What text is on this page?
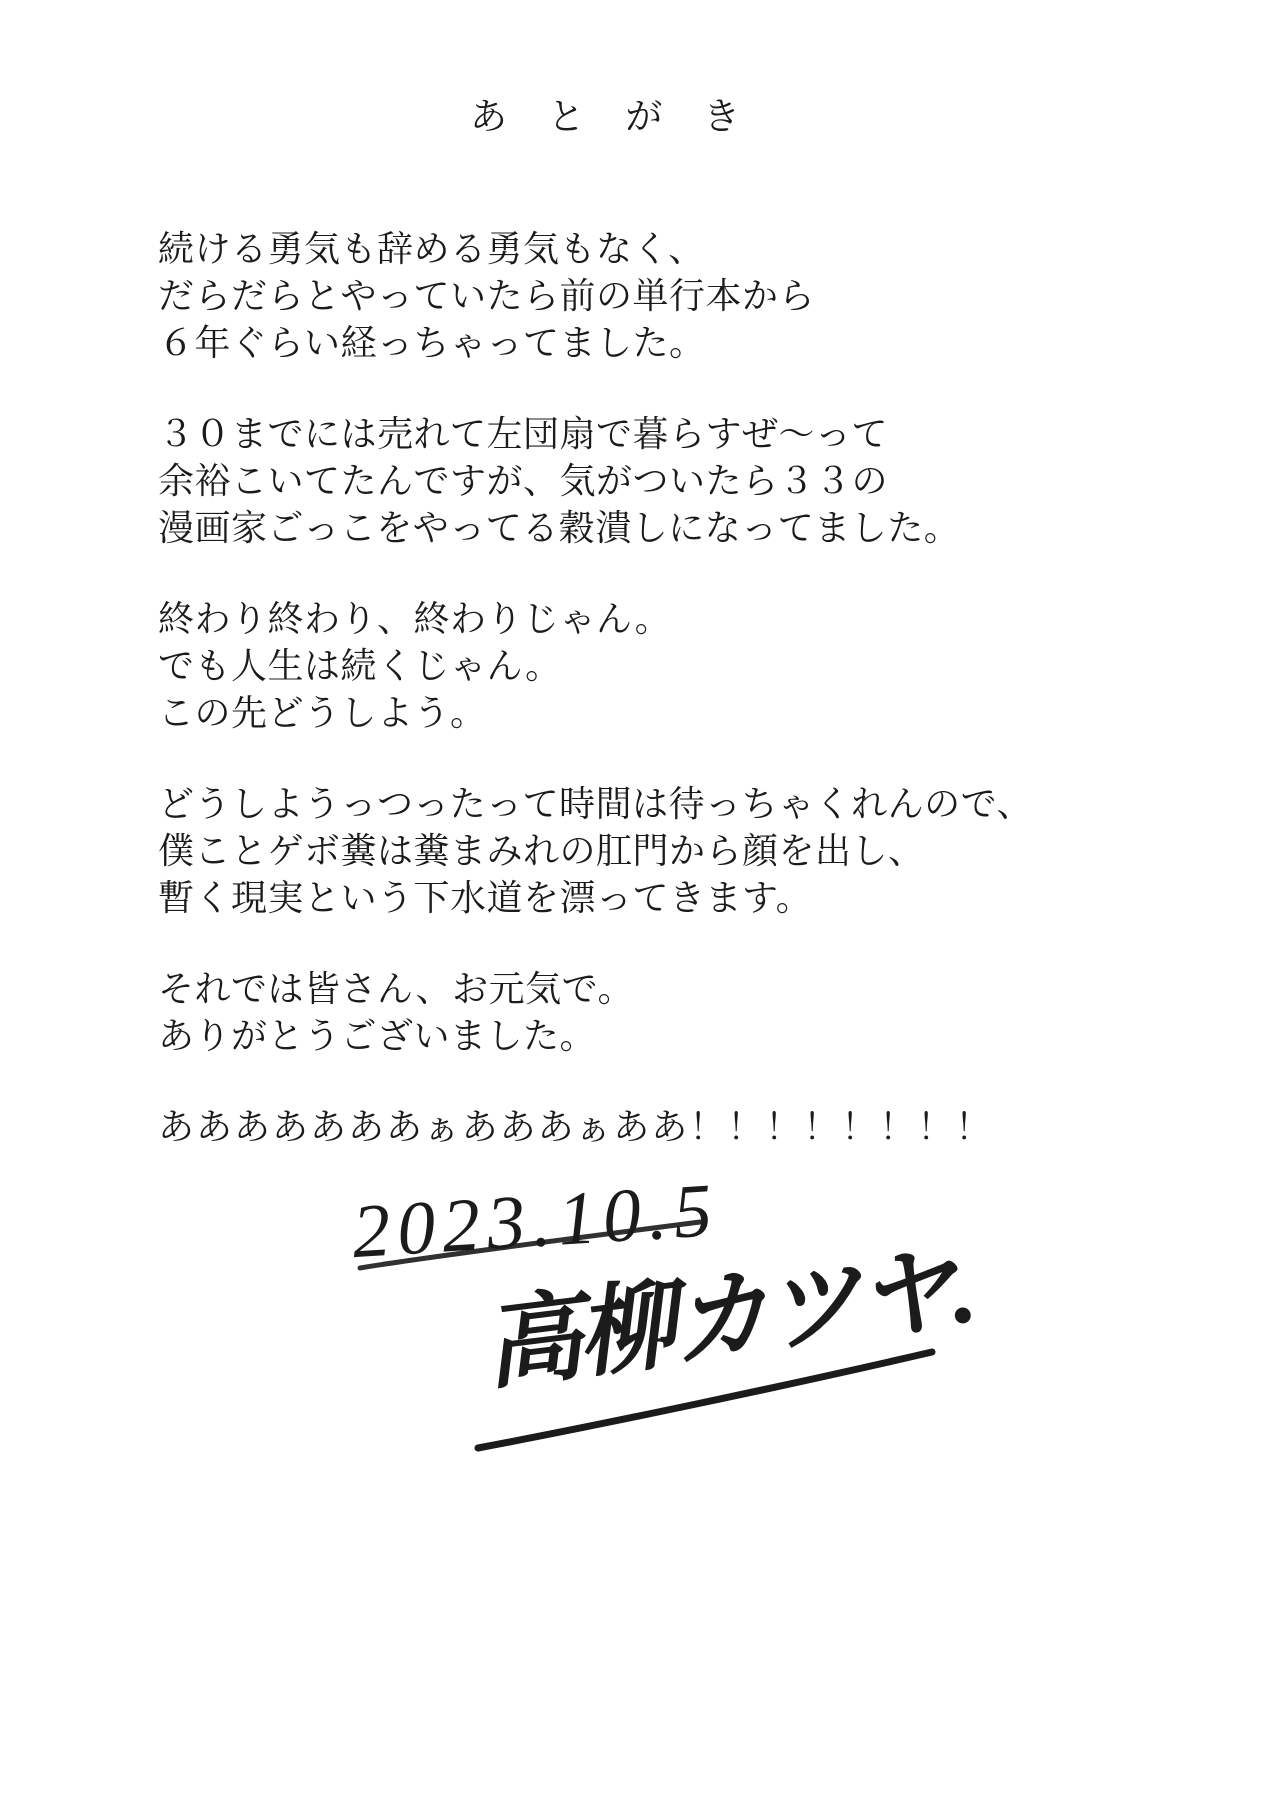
あとがき
続ける勇気も辞める勇気もなく、
だらだらとやっていたら前の単行本から
６年ぐらい経っちゃってました。
３０までには売れて左団扇で暮らすぜ～って
余裕こいてたんですが、気がついたら３３の
漫画家ごっこをやってる穀潰しになってました。
終わり終わり、終わりじゃん。
でも人生は続くじゃん。
この先どうしよう。
どうしようっつったって時間は待っちゃくれんので、
僕ことゲボ糞は糞まみれの肛門から顔を出し、
暫く現実という下水道を漂ってきます。
それでは皆さん、お元気で。
ありがとうございました。
あああああああぁあああぁああ！！！！！！！！
2023.10.5
高柳カツヤ.
